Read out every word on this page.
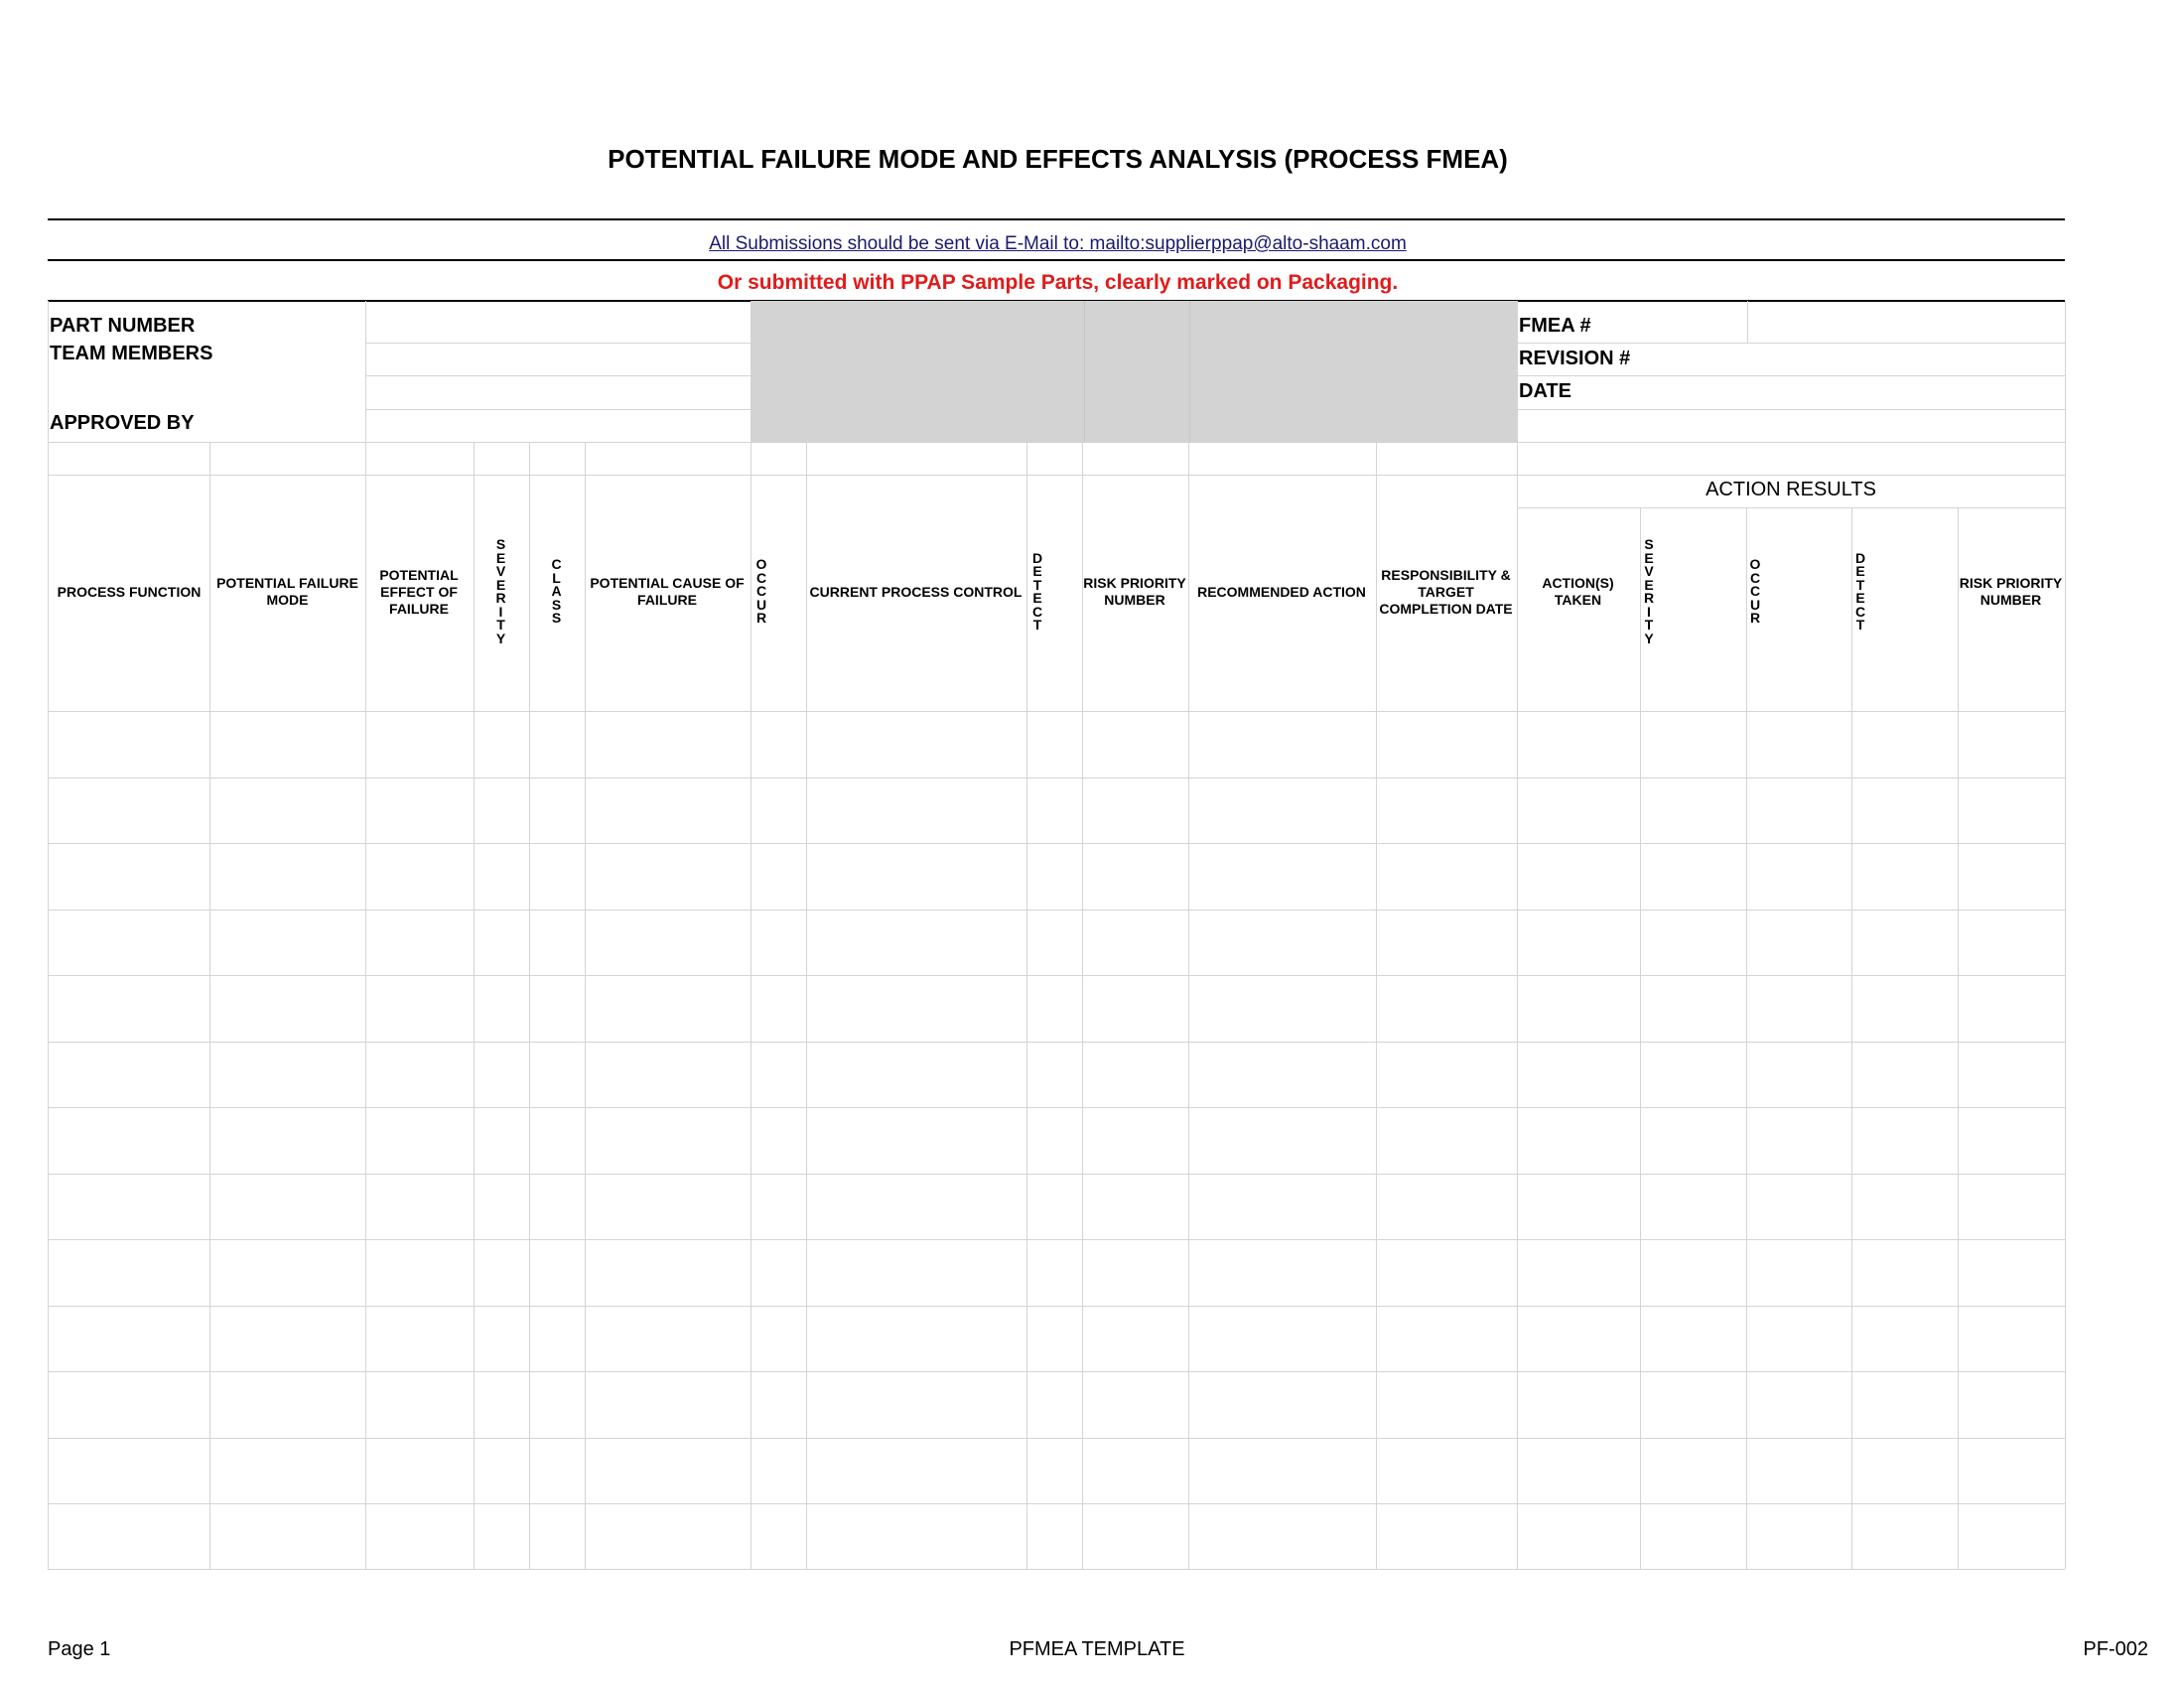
POTENTIAL FAILURE MODE AND EFFECTS ANALYSIS (PROCESS FMEA)
All Submissions should be sent via E-Mail to: mailto:supplierppap@alto-shaam.com
Or submitted with PPAP Sample Parts, clearly marked on Packaging.
PART NUMBER
TEAM MEMBERS
APPROVED BY
FMEA #
REVISION #
DATE
PROCESS FUNCTION
POTENTIAL FAILURE MODE
POTENTIAL EFFECT OF FAILURE
S
E
V
E
R
I
T
Y
C
L
A
S
S
POTENTIAL CAUSE OF FAILURE
O
C
C
U
R
CURRENT PROCESS CONTROL
D
E
T
E
C
T
RISK PRIORITY NUMBER
RECOMMENDED ACTION
RESPONSIBILITY & TARGET COMPLETION DATE
ACTION RESULTS
ACTION(S) TAKEN
S
E
V
E
R
I
T
Y
O
C
C
U
R
D
E
T
E
C
T
RISK PRIORITY NUMBER
Page 1	PFMEA TEMPLATE	PF-002
